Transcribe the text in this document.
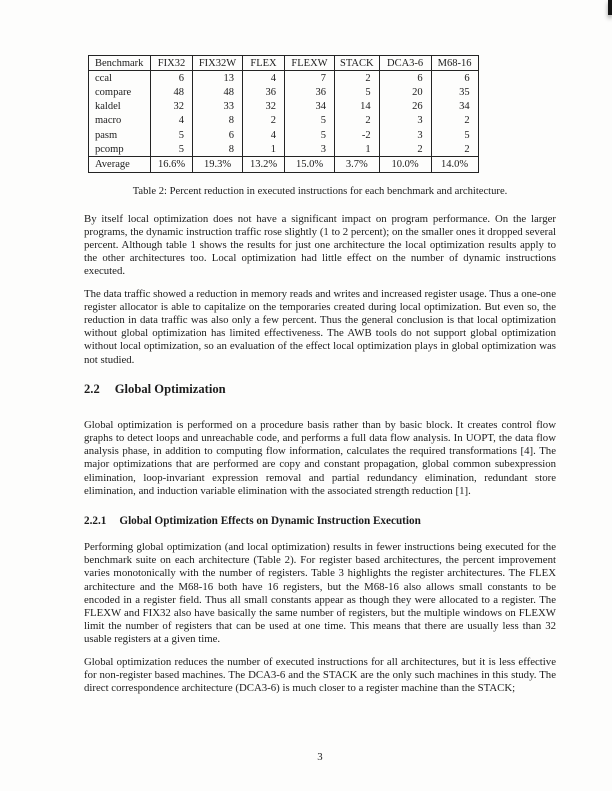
Benchmark	FIX32	FIX32W	FLEX	FLEXW	STACK	DCA3-6	M68-16
ccal	6	13	4	7	2	6	6
compare	48	48	36	36	5	20	35
kaldel	32	33	32	34	14	26	34
macro	4	8	2	5	2	3	2
pasm	5	6	4	5	-2	3	5
pcomp	5	8	1	3	1	2	2
Average	16.6%	19.3%	13.2%	15.0%	3.7%	10.0%	14.0%
Table 2: Percent reduction in executed instructions for each benchmark and architecture.

By itself local optimization does not have a significant impact on program performance. On the larger programs, the dynamic instruction traffic rose slightly (1 to 2 percent); on the smaller ones it dropped several percent. Although table 1 shows the results for just one architecture the local optimization results apply to the other architectures too. Local optimization had little effect on the number of dynamic instructions executed.

The data traffic showed a reduction in memory reads and writes and increased register usage. Thus a one-one register allocator is able to capitalize on the temporaries created during local optimization. But even so, the reduction in data traffic was also only a few percent. Thus the general conclusion is that local optimization without global optimization has limited effectiveness. The AWB tools do not support global optimization without local optimization, so an evaluation of the effect local optimization plays in global optimization was not studied.

2.2 Global Optimization

Global optimization is performed on a procedure basis rather than by basic block. It creates control flow graphs to detect loops and unreachable code, and performs a full data flow analysis. In UOPT, the data flow analysis phase, in addition to computing flow information, calculates the required transformations [4]. The major optimizations that are performed are copy and constant propagation, global common subexpression elimination, loop-invariant expression removal and partial redundancy elimination, redundant store elimination, and induction variable elimination with the associated strength reduction [1].

2.2.1 Global Optimization Effects on Dynamic Instruction Execution

Performing global optimization (and local optimization) results in fewer instructions being executed for the benchmark suite on each architecture (Table 2). For register based architectures, the percent improvement varies monotonically with the number of registers. Table 3 highlights the register architectures. The FLEX architecture and the M68-16 both have 16 registers, but the M68-16 also allows small constants to be encoded in a register field. Thus all small constants appear as though they were allocated to a register. The FLEXW and FIX32 also have basically the same number of registers, but the multiple windows on FLEXW limit the number of registers that can be used at one time. This means that there are usually less than 32 usable registers at a given time.

Global optimization reduces the number of executed instructions for all architectures, but it is less effective for non-register based machines. The DCA3-6 and the STACK are the only such machines in this study. The direct correspondence architecture (DCA3-6) is much closer to a register machine than the STACK;

3
